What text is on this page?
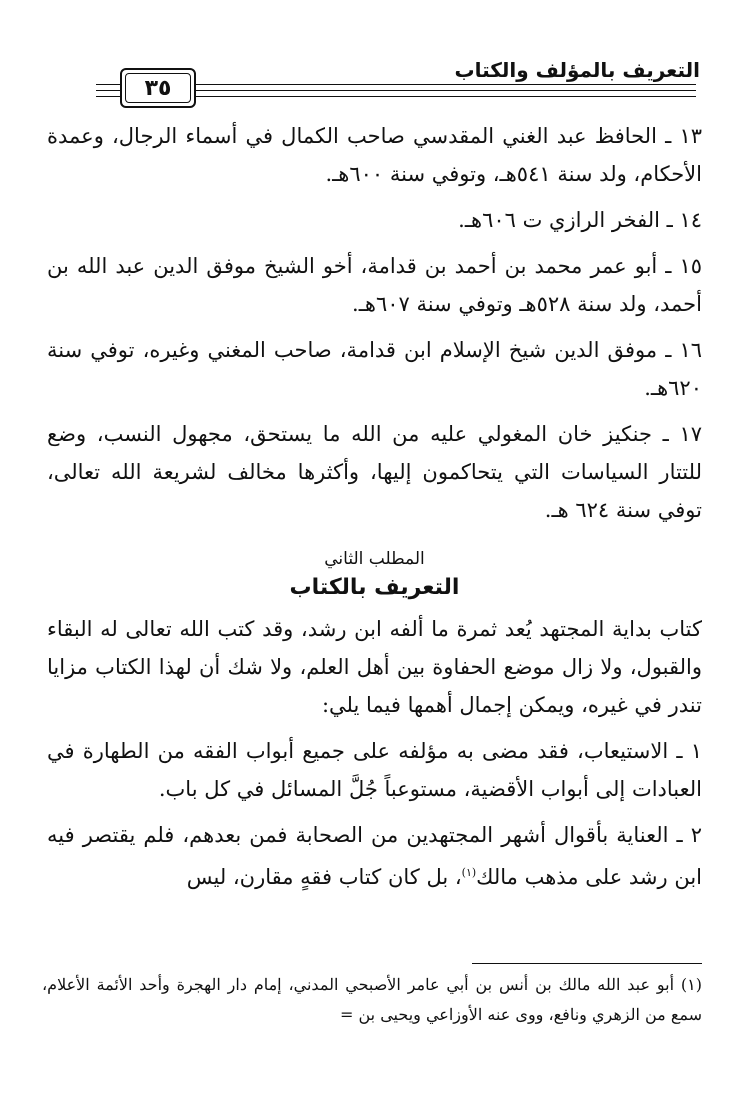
التعريف بالمؤلف والكتاب
٣٥

١٣ ـ الحافظ عبد الغني المقدسي صاحب الكمال في أسماء الرجال، وعمدة الأحكام، ولد سنة ٥٤١هـ، وتوفي سنة ٦٠٠هـ.

١٤ ـ الفخر الرازي ت ٦٠٦هـ.

١٥ ـ أبو عمر محمد بن أحمد بن قدامة، أخو الشيخ موفق الدين عبد الله بن أحمد، ولد سنة ٥٢٨هـ وتوفي سنة ٦٠٧هـ.

١٦ ـ موفق الدين شيخ الإسلام ابن قدامة، صاحب المغني وغيره، توفي سنة ٦٢٠هـ.

١٧ ـ جنكيز خان المغولي عليه من الله ما يستحق، مجهول النسب، وضع للتتار السياسات التي يتحاكمون إليها، وأكثرها مخالف لشريعة الله تعالى، توفي سنة ٦٢٤ هـ.

المطلب الثاني
التعريف بالكتاب

كتاب بداية المجتهد يُعد ثمرة ما ألفه ابن رشد، وقد كتب الله تعالى له البقاء والقبول، ولا زال موضع الحفاوة بين أهل العلم، ولا شك أن لهذا الكتاب مزايا تندر في غيره، ويمكن إجمال أهمها فيما يلي:

١ ـ الاستيعاب، فقد مضى به مؤلفه على جميع أبواب الفقه من الطهارة في العبادات إلى أبواب الأقضية، مستوعباً جُلَّ المسائل في كل باب.

٢ ـ العناية بأقوال أشهر المجتهدين من الصحابة فمن بعدهم، فلم يقتصر فيه ابن رشد على مذهب مالك$^{(١)}$، بل كان كتاب فقهٍ مقارن، ليس

(١) أبو عبد الله مالك بن أنس بن أبي عامر الأصبحي المدني، إمام دار الهجرة وأحد الأئمة الأعلام، سمع من الزهري ونافع، ووى عنه الأوزاعي ويحيى بن =
